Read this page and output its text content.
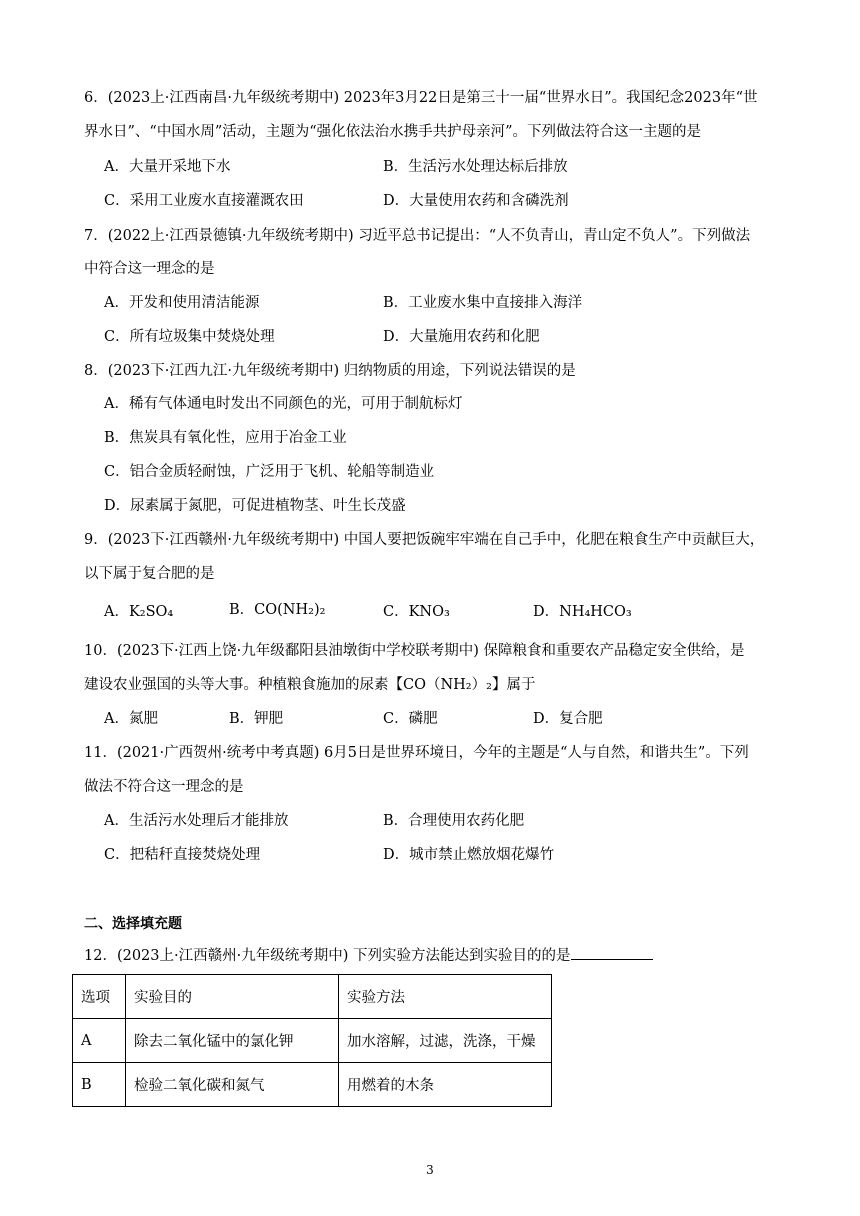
6．(2023上·江西南昌·九年级统考期中) 2023年3月22日是第三十一届“世界水日”。我国纪念2023年“世
界水日”、“中国水周”活动，主题为“强化依法治水携手共护母亲河”。下列做法符合这一主题的是
A．大量开采地下水	B．生活污水处理达标后排放
C．采用工业废水直接灌溉农田	D．大量使用农药和含磷洗剂
7．(2022上·江西景德镇·九年级统考期中) 习近平总书记提出：“人不负青山，青山定不负人”。下列做法
中符合这一理念的是
A．开发和使用清洁能源	B．工业废水集中直接排入海洋
C．所有垃圾集中焚烧处理	D．大量施用农药和化肥
8．(2023下·江西九江·九年级统考期中) 归纳物质的用途，下列说法错误的是
A．稀有气体通电时发出不同颜色的光，可用于制航标灯
B．焦炭具有氧化性，应用于冶金工业
C．铝合金质轻耐蚀，广泛用于飞机、轮船等制造业
D．尿素属于氮肥，可促进植物茎、叶生长茂盛
9．(2023下·江西赣州·九年级统考期中) 中国人要把饭碗牢牢端在自己手中，化肥在粮食生产中贡献巨大，
以下属于复合肥的是
A．K₂SO₄	B．CO(NH₂)₂	C．KNO₃	D．NH₄HCO₃
10．(2023下·江西上饶·九年级鄱阳县油墩街中学校联考期中) 保障粮食和重要农产品稳定安全供给，是
建设农业强国的头等大事。种植粮食施加的尿素【CO（NH₂）₂】属于
A．氮肥	B．钾肥	C．磷肥	D．复合肥
11．(2021·广西贺州·统考中考真题) 6月5日是世界环境日，今年的主题是“人与自然，和谐共生”。下列
做法不符合这一理念的是
A．生活污水处理后才能排放	B．合理使用农药化肥
C．把秸秆直接焚烧处理	D．城市禁止燃放烟花爆竹
二、选择填充题
12．(2023上·江西赣州·九年级统考期中) 下列实验方法能达到实验目的的是
选项	实验目的	实验方法
A	除去二氧化锰中的氯化钾	加水溶解，过滤，洗涤，干燥
B	检验二氧化碳和氮气	用燃着的木条
3
